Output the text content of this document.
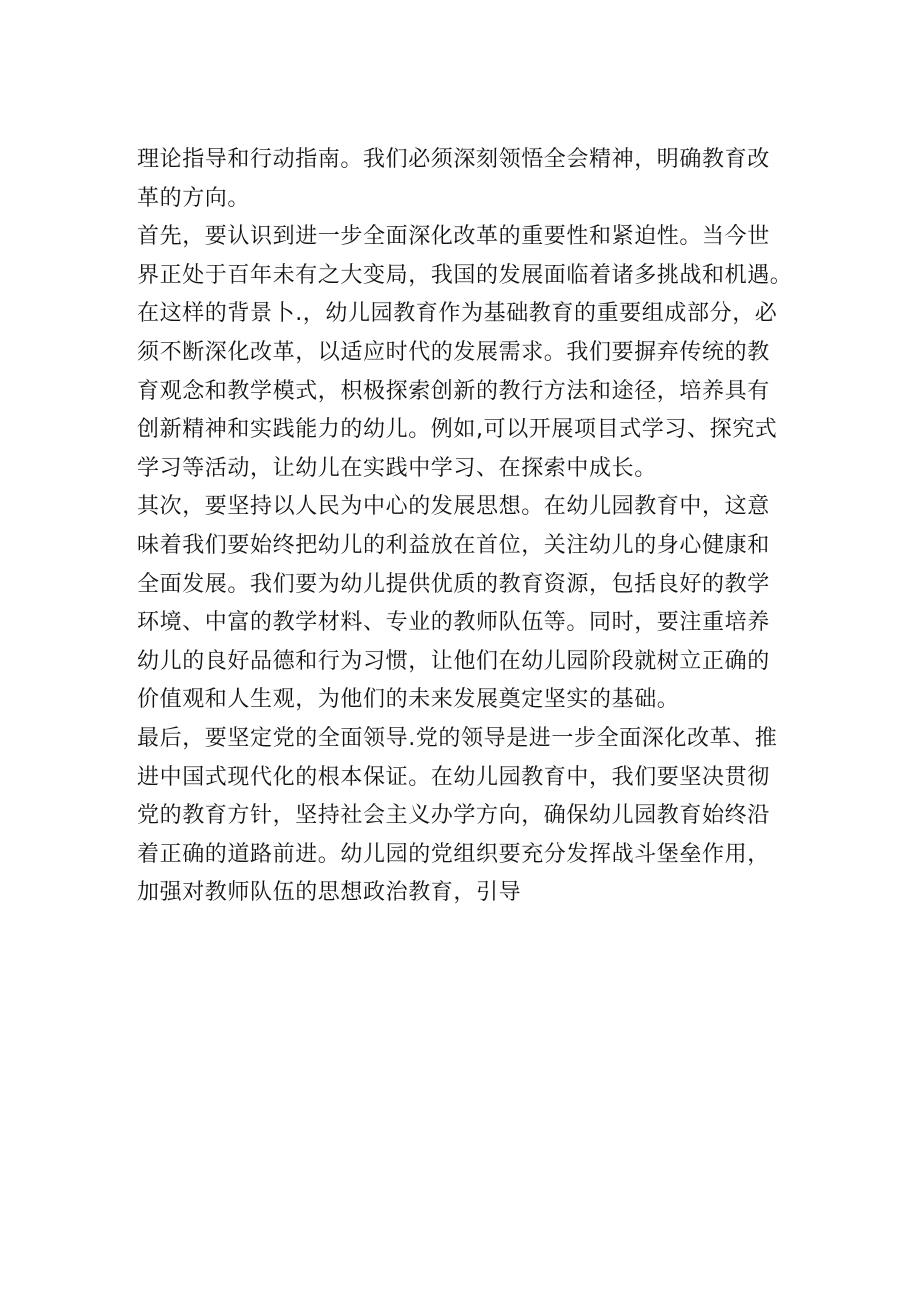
理论指导和行动指南。我们必须深刻领悟全会精神，明确教育改
革的方向。
首先，要认识到进一步全面深化改革的重要性和紧迫性。当今世
界正处于百年未有之大变局，我国的发展面临着诸多挑战和机遇。
在这样的背景卜.，幼儿园教育作为基础教育的重要组成部分，必
须不断深化改革，以适应时代的发展需求。我们要摒弃传统的教
育观念和教学模式，枳极探索创新的教行方法和途径，培养具有
创新精神和实践能力的幼儿。例如,可以开展项目式学习、探究式
学习等活动，让幼儿在实践中学习、在探索中成长。
其次，要坚持以人民为中心的发展思想。在幼儿园教育中，这意
味着我们要始终把幼儿的利益放在首位，关注幼儿的身心健康和
全面发展。我们要为幼儿提供优质的教育资源，包括良好的教学
环境、中富的教学材料、专业的教师队伍等。同时，要注重培养
幼儿的良好品德和行为习惯，让他们在幼儿园阶段就树立正确的
价值观和人生观，为他们的未来发展奠定坚实的基础。
最后，要坚定党的全面领导.党的领导是进一步全面深化改革、推
进中国式现代化的根本保证。在幼儿园教育中，我们要坚决贯彻
党的教育方针，坚持社会主义办学方向，确保幼儿园教育始终沿
着正确的道路前进。幼儿园的党组织要充分发挥战斗堡垒作用，
加强对教师队伍的思想政治教育，引导
